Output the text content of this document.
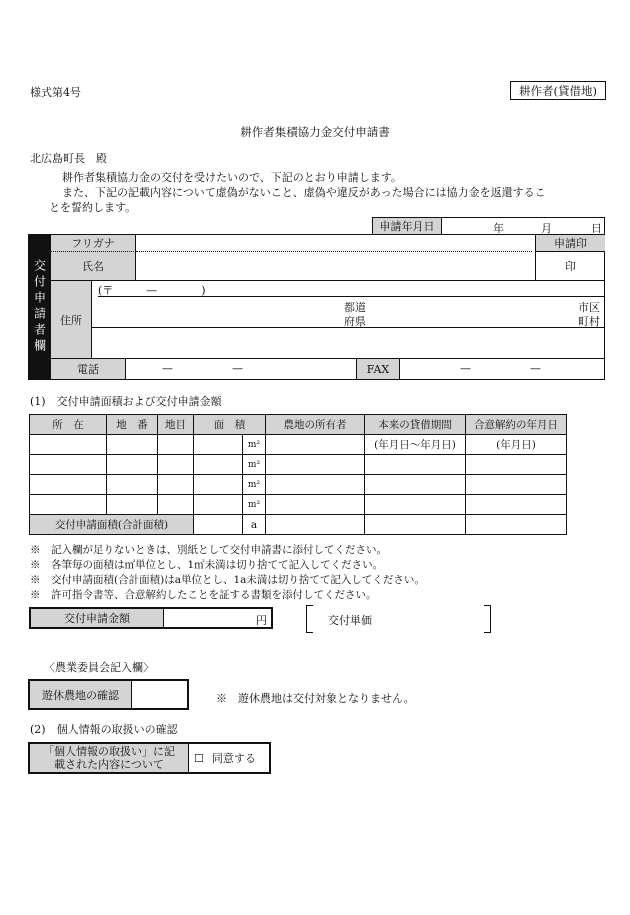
様式第4号	耕作者(貸借地)
耕作者集積協力金交付申請書
北広島町長　殿
耕作者集積協力金の交付を受けたいので、下記のとおり申請します。
また、下記の記載内容について虚偽がないこと、虚偽や違反があった場合には協力金を返還するこ
とを誓約します。
申請年月日	年	月	日
交付申請者欄
フリガナ	申請印
氏名	印
住所
(〒　　　—　　　　)
都道
府県
市区
町村
電話	—	—	FAX	—	—
(1)　交付申請面積および交付申請金額
所　在	地　番	地目	面　積		農地の所有者	本来の貸借期間	合意解約の年月日
				m²		(年月日～年月日)	(年月日)
				m²			
				m²			
				m²			
交付申請面積(合計面積)				a			
※　記入欄が足りないときは、別紙として交付申請書に添付してください。
※　各筆毎の面積は㎡単位とし、1㎡未満は切り捨てて記入してください。
※　交付申請面積(合計面積)はa単位とし、1a未満は切り捨てて記入してください。
※　許可指令書等、合意解約したことを証する書類を添付してください。
交付申請金額	円	交付単価
〈農業委員会記入欄〉
遊休農地の確認	※　遊休農地は交付対象となりません。
(2)　個人情報の取扱いの確認
「個人情報の取扱い」に記
載された内容について	☐ 同意する
